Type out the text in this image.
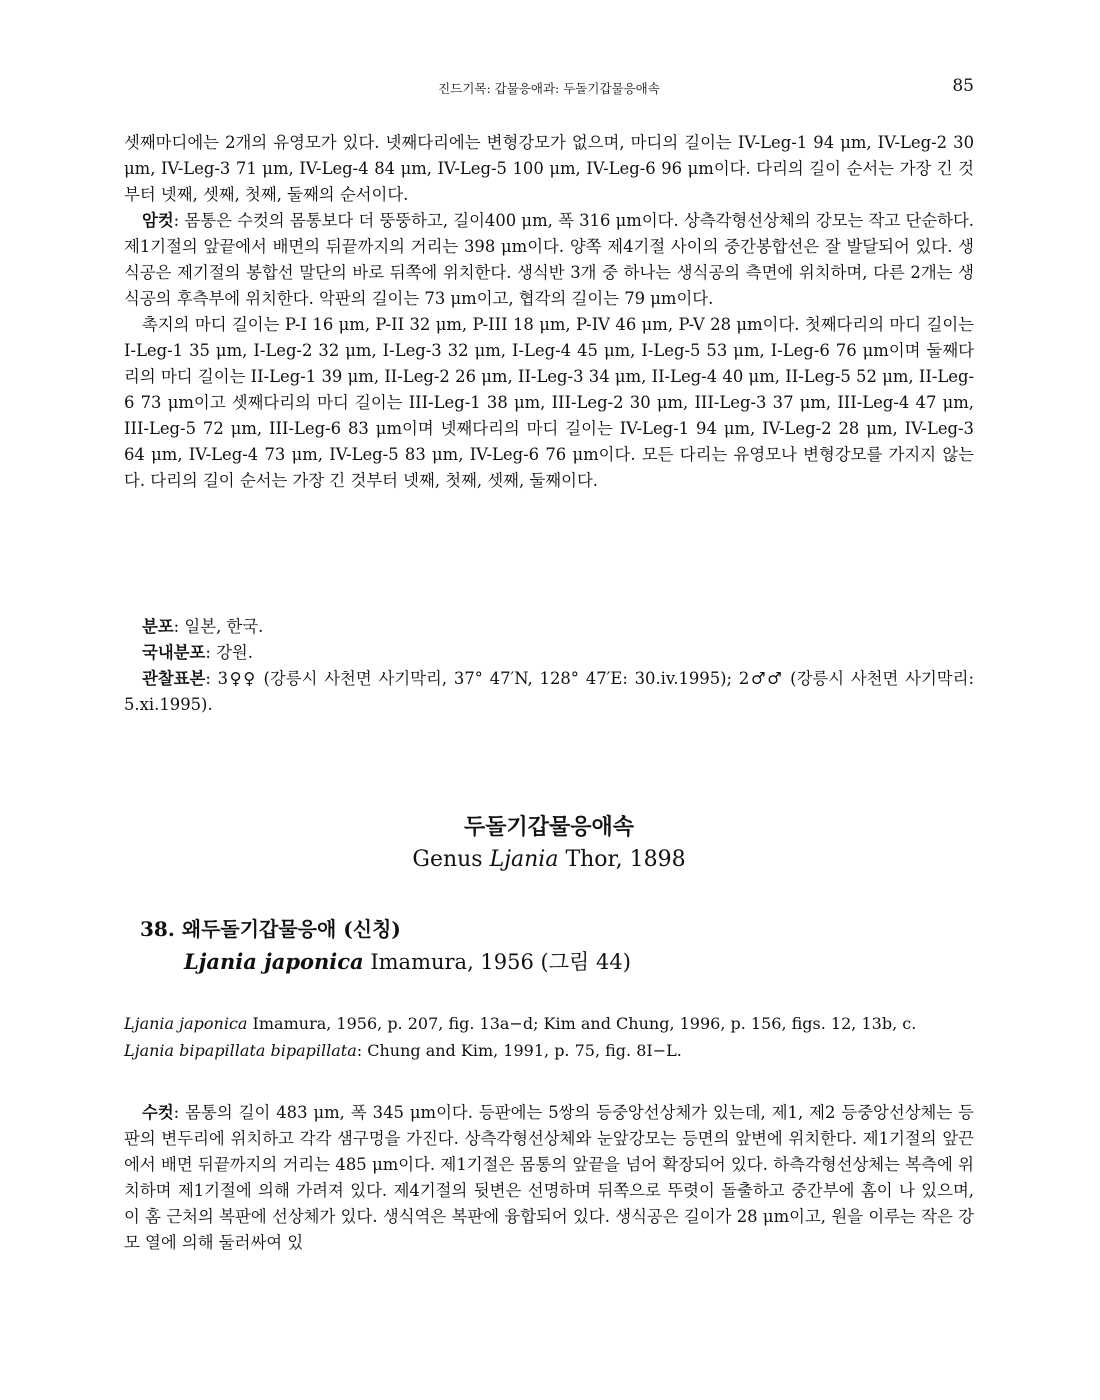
진드기목: 갑물응애과: 두돌기갑물응애속	85

셋째마디에는 2개의 유영모가 있다. 넷째다리에는 변형강모가 없으며, 마디의 길이는 IV-Leg-1 94 μm, IV-Leg-2 30 μm, IV-Leg-3 71 μm, IV-Leg-4 84 μm, IV-Leg-5 100 μm, IV-Leg-6 96 μm이다. 다리의 길이 순서는 가장 긴 것부터 넷째, 셋째, 첫째, 둘째의 순서이다.

암컷: 몸통은 수컷의 몸통보다 더 뚱뚱하고, 길이400 μm, 폭 316 μm이다. 상측각형선상체의 강모는 작고 단순하다. 제1기절의 앞끝에서 배면의 뒤끝까지의 거리는 398 μm이다. 양쪽 제4기절 사이의 중간봉합선은 잘 발달되어 있다. 생식공은 제기절의 봉합선 말단의 바로 뒤쪽에 위치한다. 생식반 3개 중 하나는 생식공의 측면에 위치하며, 다른 2개는 생식공의 후측부에 위치한다. 악판의 길이는 73 μm이고, 협각의 길이는 79 μm이다.

촉지의 마디 길이는 P-I 16 μm, P-II 32 μm, P-III 18 μm, P-IV 46 μm, P-V 28 μm이다. 첫째다리의 마디 길이는 I-Leg-1 35 μm, I-Leg-2 32 μm, I-Leg-3 32 μm, I-Leg-4 45 μm, I-Leg-5 53 μm, I-Leg-6 76 μm이며 둘째다리의 마디 길이는 II-Leg-1 39 μm, II-Leg-2 26 μm, II-Leg-3 34 μm, II-Leg-4 40 μm, II-Leg-5 52 μm, II-Leg-6 73 μm이고 셋째다리의 마디 길이는 III-Leg-1 38 μm, III-Leg-2 30 μm, III-Leg-3 37 μm, III-Leg-4 47 μm, III-Leg-5 72 μm, III-Leg-6 83 μm이며 넷째다리의 마디 길이는 IV-Leg-1 94 μm, IV-Leg-2 28 μm, IV-Leg-3 64 μm, IV-Leg-4 73 μm, IV-Leg-5 83 μm, IV-Leg-6 76 μm이다. 모든 다리는 유영모나 변형강모를 가지지 않는다. 다리의 길이 순서는 가장 긴 것부터 넷째, 첫째, 셋째, 둘째이다.

분포: 일본, 한국.

국내분포: 강원.

관찰표본: 3♀♀ (강릉시 사천면 사기막리, 37° 47′N, 128° 47′E: 30.iv.1995); 2♂♂ (강릉시 사천면 사기막리: 5.xi.1995).

두돌기갑물응애속
Genus Ljania Thor, 1898
38. 왜두돌기갑물응애 (신칭)
Ljania japonica Imamura, 1956 (그림 44)
Ljania japonica Imamura, 1956, p. 207, fig. 13a−d; Kim and Chung, 1996, p. 156, figs. 12, 13b, c.
Ljania bipapillata bipapillata: Chung and Kim, 1991, p. 75, fig. 8I−L.

수컷: 몸통의 길이 483 μm, 폭 345 μm이다. 등판에는 5쌍의 등중앙선상체가 있는데, 제1, 제2 등중앙선상체는 등판의 변두리에 위치하고 각각 샘구멍을 가진다. 상측각형선상체와 눈앞강모는 등면의 앞변에 위치한다. 제1기절의 앞끈에서 배면 뒤끝까지의 거리는 485 μm이다. 제1기절은 몸통의 앞끝을 넘어 확장되어 있다. 하측각형선상체는 복측에 위치하며 제1기절에 의해 가려져 있다. 제4기절의 뒷변은 선명하며 뒤쪽으로 뚜렷이 돌출하고 중간부에 홈이 나 있으며, 이 홈 근처의 복판에 선상체가 있다. 생식역은 복판에 융합되어 있다. 생식공은 길이가 28 μm이고, 원을 이루는 작은 강모 열에 의해 둘러싸여 있
